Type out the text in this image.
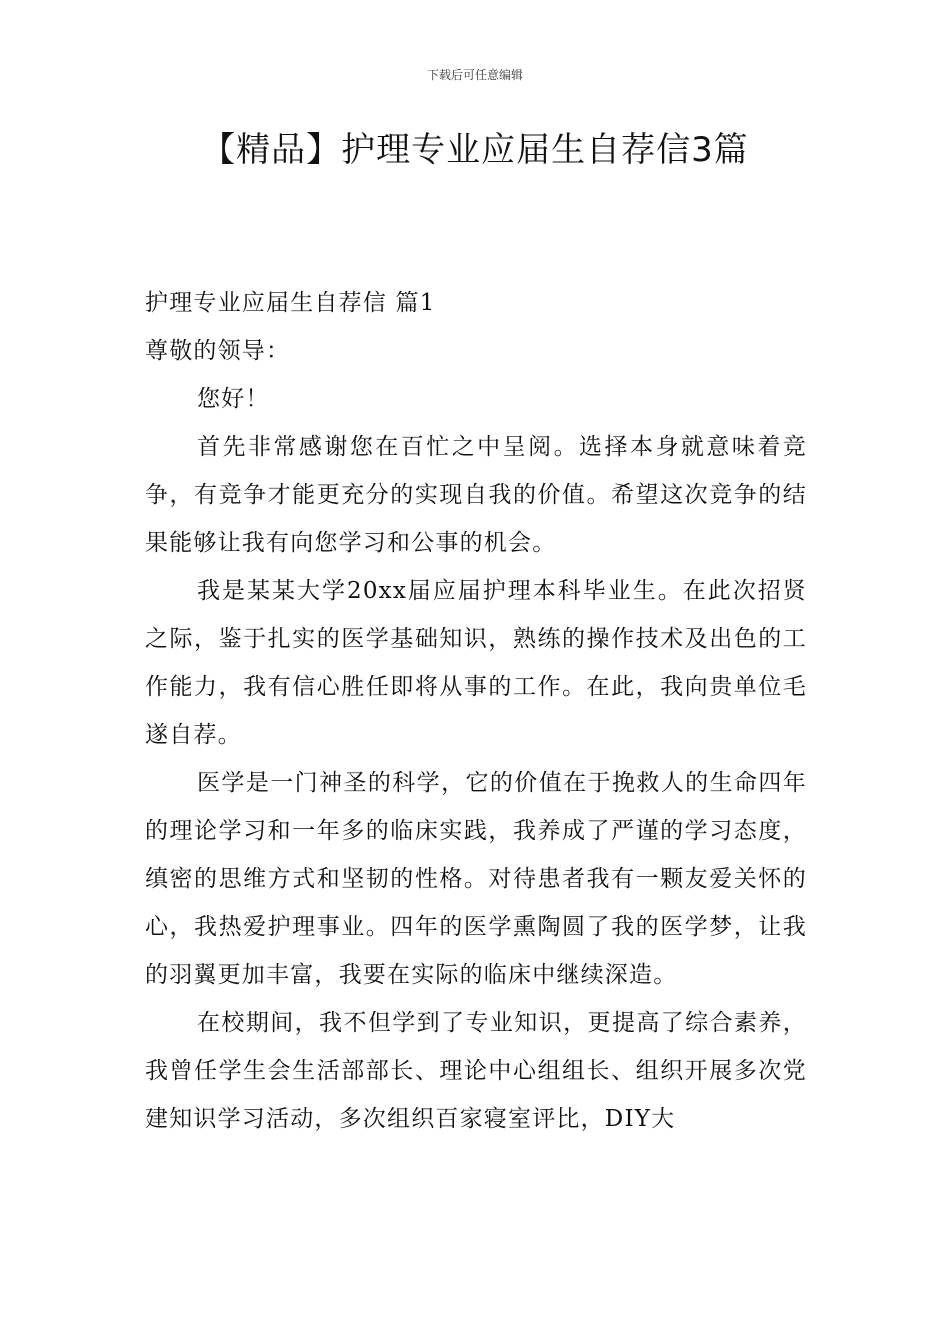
下载后可任意编辑
【精品】护理专业应届生自荐信3篇

护理专业应届生自荐信 篇1

尊敬的领导：

您好！

首先非常感谢您在百忙之中呈阅。选择本身就意味着竞争，有竞争才能更充分的实现自我的价值。希望这次竞争的结果能够让我有向您学习和公事的机会。

我是某某大学20xx届应届护理本科毕业生。在此次招贤之际，鉴于扎实的医学基础知识，熟练的操作技术及出色的工作能力，我有信心胜任即将从事的工作。在此，我向贵单位毛遂自荐。

医学是一门神圣的科学，它的价值在于挽救人的生命四年的理论学习和一年多的临床实践，我养成了严谨的学习态度，缜密的思维方式和坚韧的性格。对待患者我有一颗友爱关怀的心，我热爱护理事业。四年的医学熏陶圆了我的医学梦，让我的羽翼更加丰富，我要在实际的临床中继续深造。

在校期间，我不但学到了专业知识，更提高了综合素养，我曾任学生会生活部部长、理论中心组组长、组织开展多次党建知识学习活动，多次组织百家寝室评比，DIY大
